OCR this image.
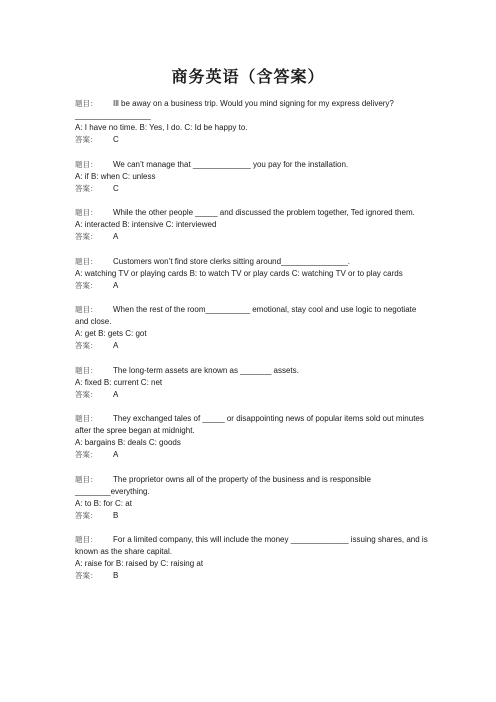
商务英语（含答案）
题目： Ill be away on a business trip. Would you mind signing for my express delivery?
_________________
A: I have no time. B: Yes, I do. C: Id be happy to.
答案： C
题目： We can’t manage that _____________ you pay for the installation.
A: if B: when C: unless
答案： C
题目： While the other people _____ and discussed the problem together, Ted ignored them.
A: interacted B: intensive C: interviewed
答案： A
题目： Customers won’t find store clerks sitting around_______________.
A: watching TV or playing cards B: to watch TV or play cards C: watching TV or to play cards
答案： A
题目： When the rest of the room__________ emotional, stay cool and use logic to negotiate
and close.
A: get B: gets C: got
答案： A
题目： The long-term assets are known as _______ assets.
A: fixed B: current C: net
答案： A
题目： They exchanged tales of _____ or disappointing news of popular items sold out minutes
after the spree began at midnight.
A: bargains B: deals C: goods
答案： A
题目： The proprietor owns all of the property of the business and is responsible
________everything.
A: to B: for C: at
答案： B
题目： For a limited company, this will include the money _____________ issuing shares, and is
known as the share capital.
A: raise for B: raised by C: raising at
答案： B
